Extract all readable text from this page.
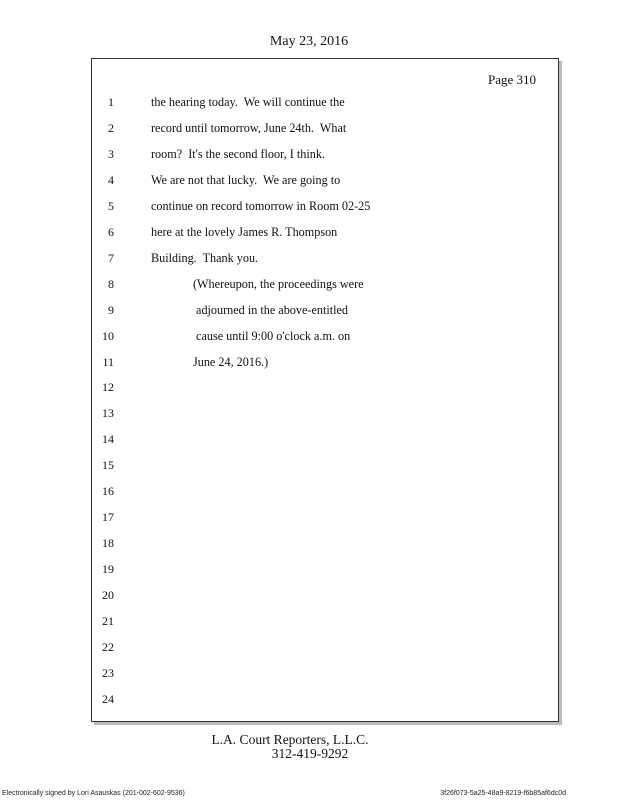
May 23, 2016
Page 310
1	the hearing today.  We will continue the
2	record until tomorrow, June 24th.  What
3	room?  It's the second floor, I think.
4	We are not that lucky.  We are going to
5	continue on record tomorrow in Room 02-25
6	here at the lovely James R. Thompson
7	Building.  Thank you.
8	(Whereupon, the proceedings were
9	adjourned in the above-entitled
10	cause until 9:00 o'clock a.m. on
11	June 24, 2016.)
12
13
14
15
16
17
18
19
20
21
22
23
24
L.A. Court Reporters, L.L.C.
312-419-9292
Electronically signed by Lori Asauskas (201-002-602-9536)	3f26f073-5a25-48a9-8219-f6b85af6dc0d
